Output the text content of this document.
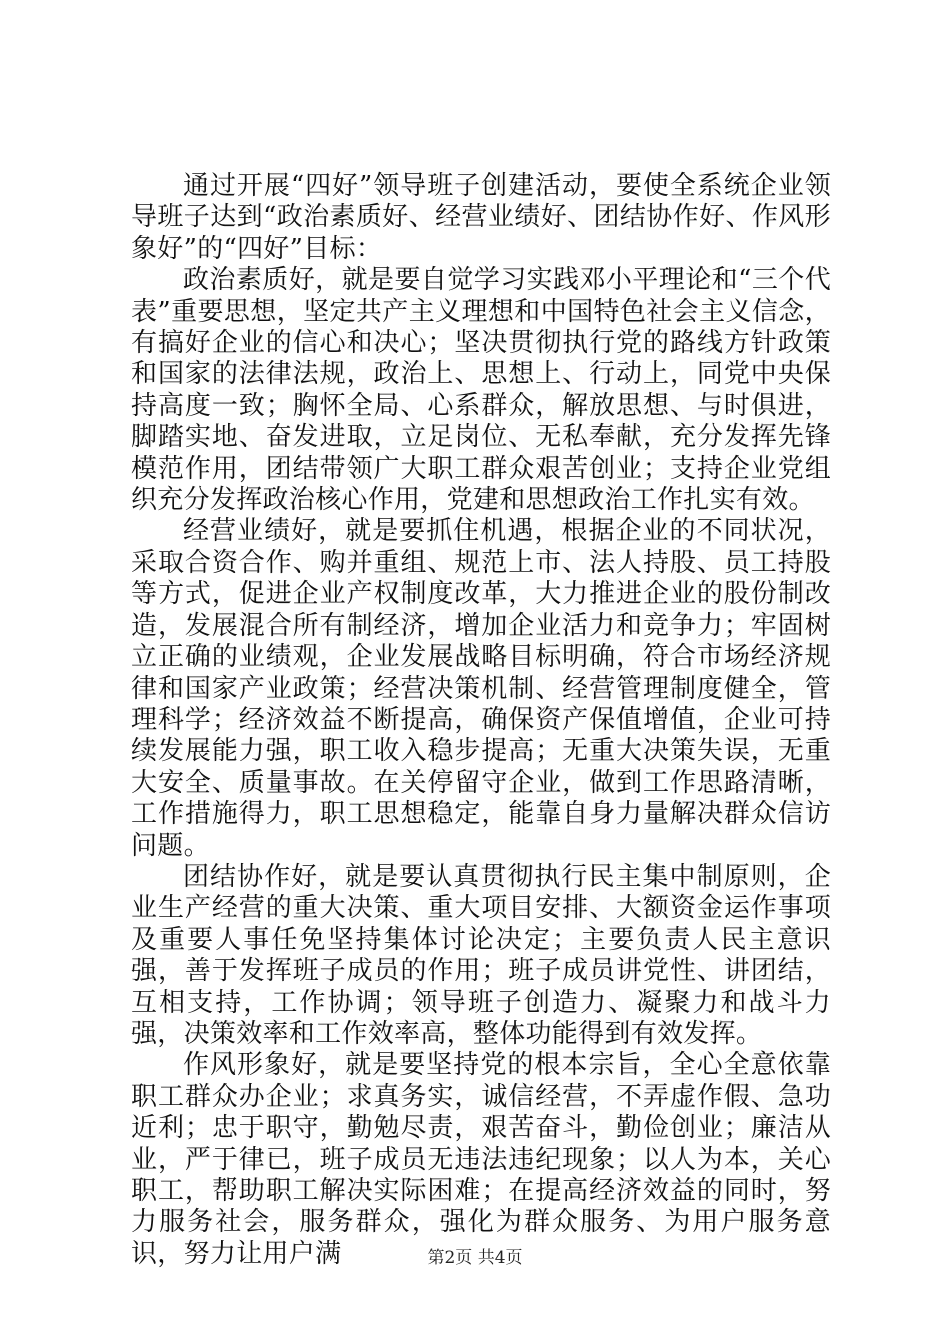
通过开展“四好”领导班子创建活动，要使全系统企业领导班子达到“政治素质好、经营业绩好、团结协作好、作风形象好”的“四好”目标：

政治素质好，就是要自觉学习实践邓小平理论和“三个代表”重要思想，坚定共产主义理想和中国特色社会主义信念，有搞好企业的信心和决心；坚决贯彻执行党的路线方针政策和国家的法律法规，政治上、思想上、行动上，同党中央保持高度一致；胸怀全局、心系群众，解放思想、与时俱进，脚踏实地、奋发进取，立足岗位、无私奉献，充分发挥先锋模范作用，团结带领广大职工群众艰苦创业；支持企业党组织充分发挥政治核心作用，党建和思想政治工作扎实有效。

经营业绩好，就是要抓住机遇，根据企业的不同状况，采取合资合作、购并重组、规范上市、法人持股、员工持股等方式，促进企业产权制度改革，大力推进企业的股份制改造，发展混合所有制经济，增加企业活力和竞争力；牢固树立正确的业绩观，企业发展战略目标明确，符合市场经济规律和国家产业政策；经营决策机制、经营管理制度健全，管理科学；经济效益不断提高，确保资产保值增值，企业可持续发展能力强，职工收入稳步提高；无重大决策失误，无重大安全、质量事故。在关停留守企业，做到工作思路清晰，工作措施得力，职工思想稳定，能靠自身力量解决群众信访问题。

团结协作好，就是要认真贯彻执行民主集中制原则，企业生产经营的重大决策、重大项目安排、大额资金运作事项及重要人事任免坚持集体讨论决定；主要负责人民主意识强，善于发挥班子成员的作用；班子成员讲党性、讲团结，互相支持，工作协调；领导班子创造力、凝聚力和战斗力强，决策效率和工作效率高，整体功能得到有效发挥。

作风形象好，就是要坚持党的根本宗旨，全心全意依靠职工群众办企业；求真务实，诚信经营，不弄虚作假、急功近利；忠于职守，勤勉尽责，艰苦奋斗，勤俭创业；廉洁从业，严于律已，班子成员无违法违纪现象；以人为本，关心职工，帮助职工解决实际困难；在提高经济效益的同时，努力服务社会，服务群众，强化为群众服务、为用户服务意识，努力让用户满	第2页 共4页
